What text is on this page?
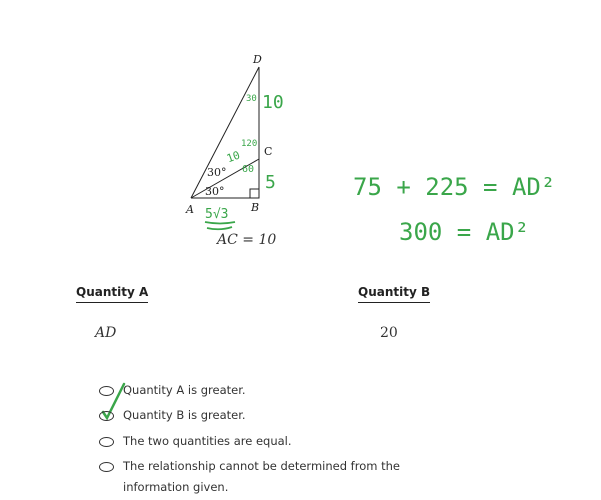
D
C
A	B
30°
30°
AC = 10
30 10
120
10
60
5
5√3
75 + 225 = AD²
300 = AD²
Quantity A	Quantity B
AD	20
Quantity A is greater.
Quantity B is greater.
The two quantities are equal.
The relationship cannot be determined from the information given.
